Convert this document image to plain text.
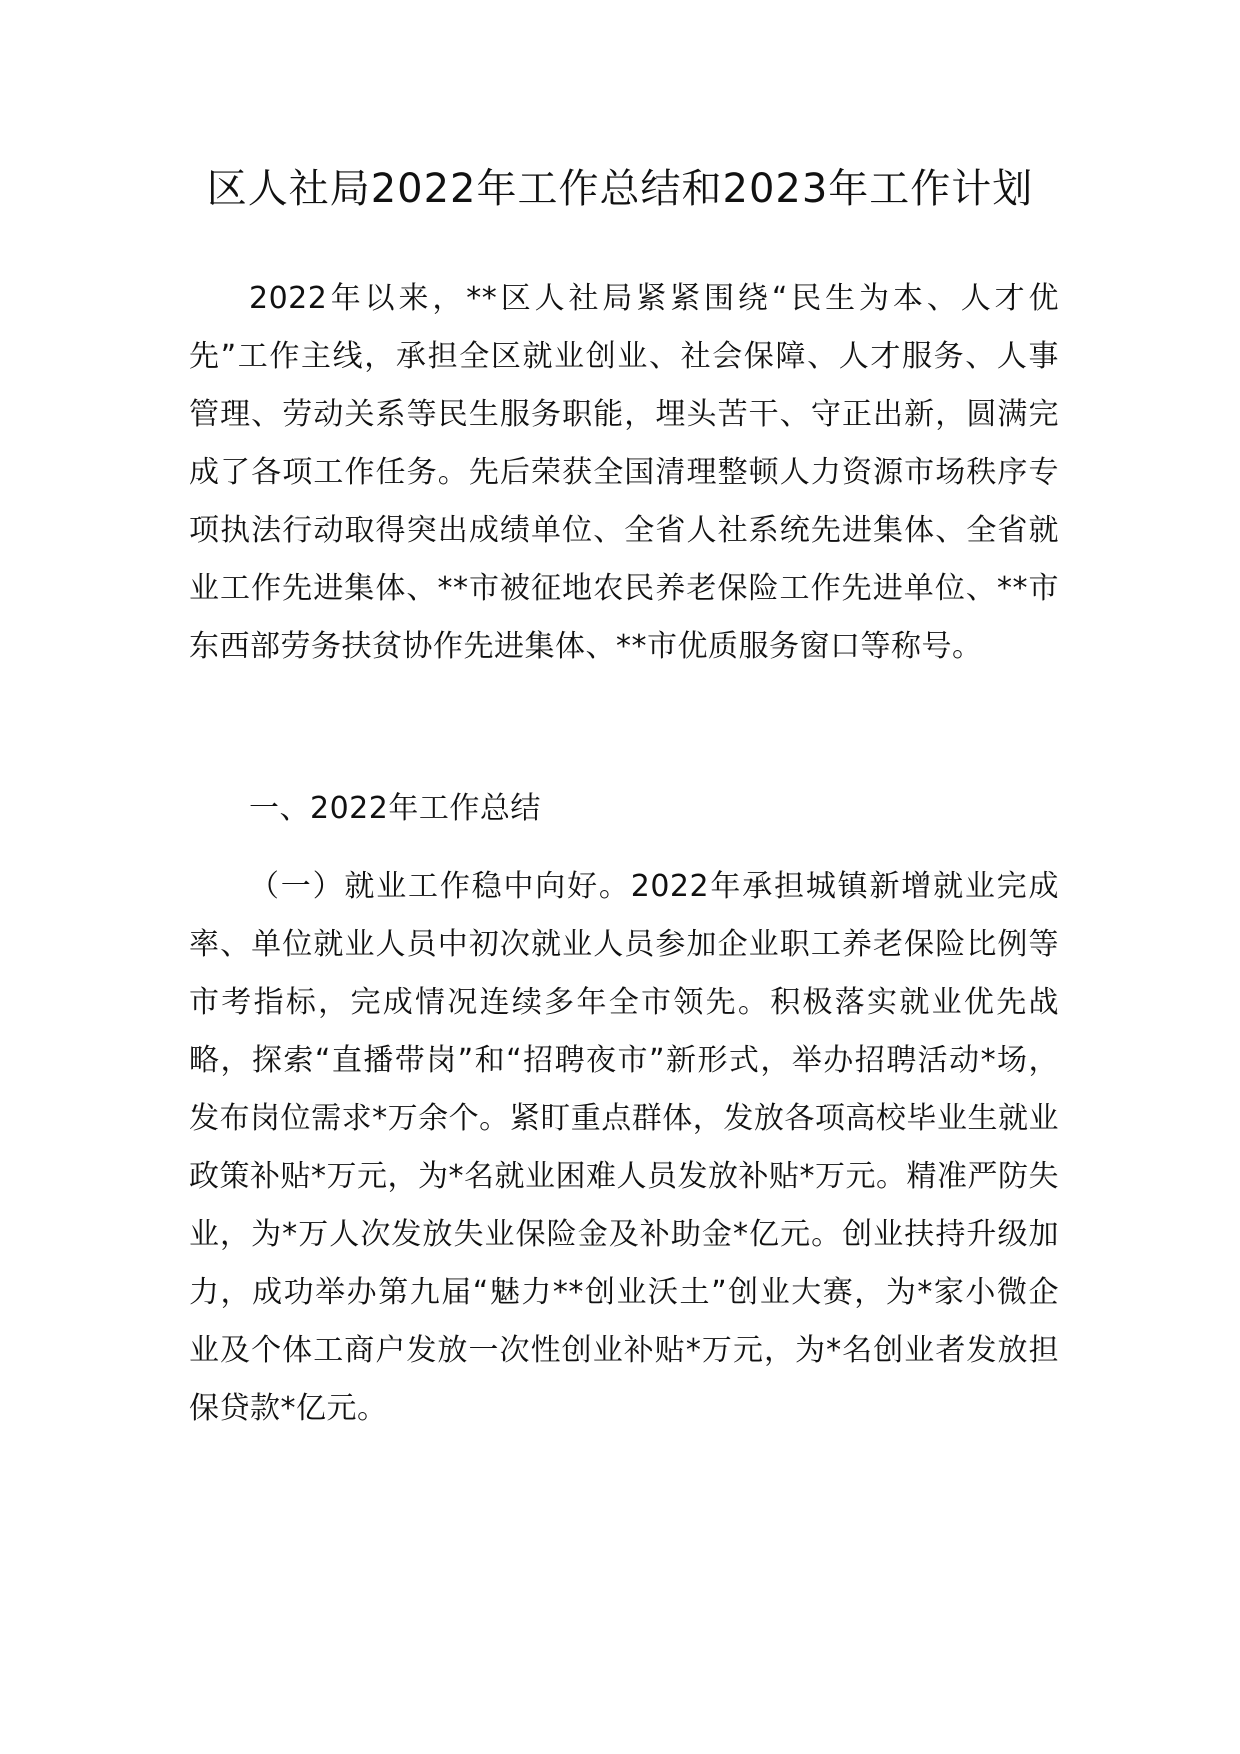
区人社局2022年工作总结和2023年工作计划

2022年以来，**区人社局紧紧围绕“民生为本、人才优先”工作主线，承担全区就业创业、社会保障、人才服务、人事管理、劳动关系等民生服务职能，埋头苦干、守正出新，圆满完成了各项工作任务。先后荣获全国清理整顿人力资源市场秩序专项执法行动取得突出成绩单位、全省人社系统先进集体、全省就业工作先进集体、**市被征地农民养老保险工作先进单位、**市东西部劳务扶贫协作先进集体、**市优质服务窗口等称号。

一、2022年工作总结

（一）就业工作稳中向好。2022年承担城镇新增就业完成率、单位就业人员中初次就业人员参加企业职工养老保险比例等市考指标，完成情况连续多年全市领先。积极落实就业优先战略，探索“直播带岗”和“招聘夜市”新形式，举办招聘活动*场，发布岗位需求*万余个。紧盯重点群体，发放各项高校毕业生就业政策补贴*万元，为*名就业困难人员发放补贴*万元。精准严防失业，为*万人次发放失业保险金及补助金*亿元。创业扶持升级加力，成功举办第九届“魅力**创业沃土”创业大赛，为*家小微企业及个体工商户发放一次性创业补贴*万元，为*名创业者发放担保贷款*亿元。
